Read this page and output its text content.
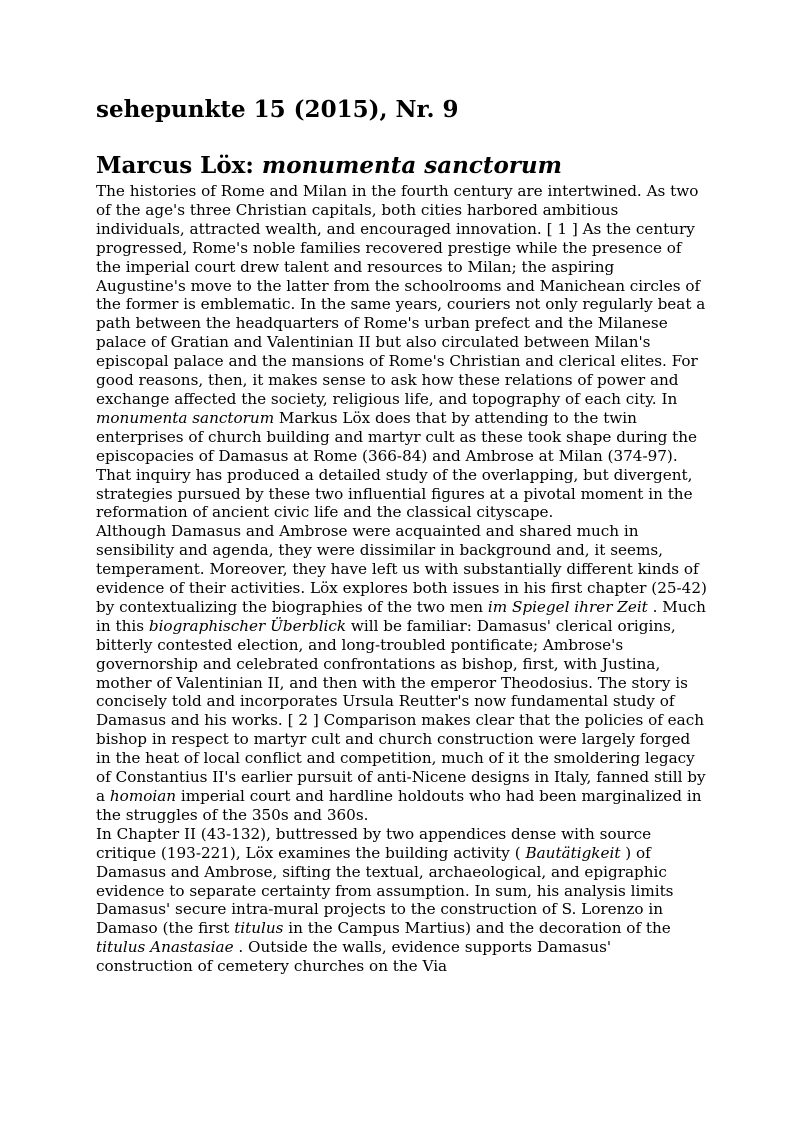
sehepunkte 15 (2015), Nr. 9
Marcus Löx: monumenta sanctorum

The histories of Rome and Milan in the fourth century are intertwined. As two of the age's three Christian capitals, both cities harbored ambitious individuals, attracted wealth, and encouraged innovation. [ 1 ] As the century progressed, Rome's noble families recovered prestige while the presence of the imperial court drew talent and resources to Milan; the aspiring Augustine's move to the latter from the schoolrooms and Manichean circles of the former is emblematic. In the same years, couriers not only regularly beat a path between the headquarters of Rome's urban prefect and the Milanese palace of Gratian and Valentinian II but also circulated between Milan's episcopal palace and the mansions of Rome's Christian and clerical elites. For good reasons, then, it makes sense to ask how these relations of power and exchange affected the society, religious life, and topography of each city. In monumenta sanctorum Markus Löx does that by attending to the twin enterprises of church building and martyr cult as these took shape during the episcopacies of Damasus at Rome (366-84) and Ambrose at Milan (374-97). That inquiry has produced a detailed study of the overlapping, but divergent, strategies pursued by these two influential figures at a pivotal moment in the reformation of ancient civic life and the classical cityscape.

Although Damasus and Ambrose were acquainted and shared much in sensibility and agenda, they were dissimilar in background and, it seems, temperament. Moreover, they have left us with substantially different kinds of evidence of their activities. Löx explores both issues in his first chapter (25-42) by contextualizing the biographies of the two men im Spiegel ihrer Zeit . Much in this biographischer Überblick will be familiar: Damasus' clerical origins, bitterly contested election, and long-troubled pontificate; Ambrose's governorship and celebrated confrontations as bishop, first, with Justina, mother of Valentinian II, and then with the emperor Theodosius. The story is concisely told and incorporates Ursula Reutter's now fundamental study of Damasus and his works. [ 2 ] Comparison makes clear that the policies of each bishop in respect to martyr cult and church construction were largely forged in the heat of local conflict and competition, much of it the smoldering legacy of Constantius II's earlier pursuit of anti-Nicene designs in Italy, fanned still by a homoian imperial court and hardline holdouts who had been marginalized in the struggles of the 350s and 360s.

In Chapter II (43-132), buttressed by two appendices dense with source critique (193-221), Löx examines the building activity ( Bautätigkeit ) of Damasus and Ambrose, sifting the textual, archaeological, and epigraphic evidence to separate certainty from assumption. In sum, his analysis limits Damasus' secure intra-mural projects to the construction of S. Lorenzo in Damaso (the first titulus in the Campus Martius) and the decoration of the titulus Anastasiae . Outside the walls, evidence supports Damasus' construction of cemetery churches on the Via
